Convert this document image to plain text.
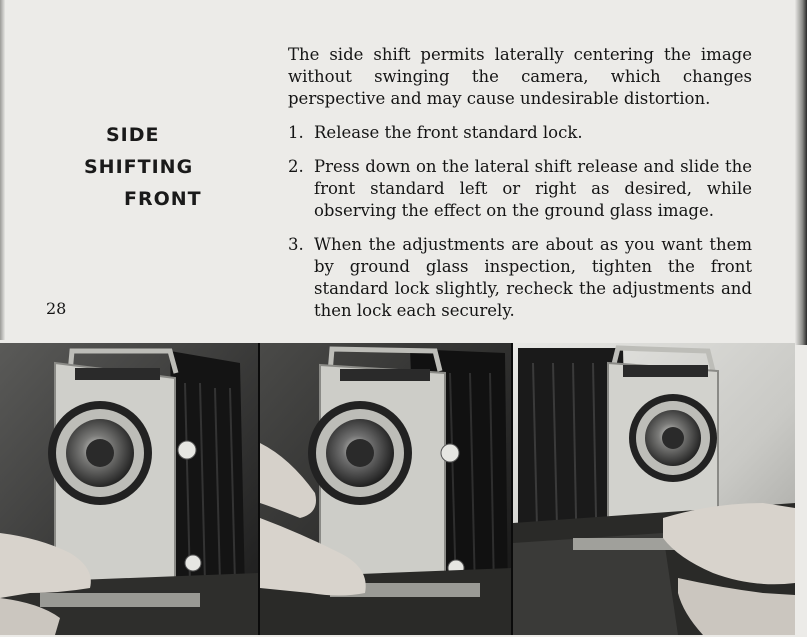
SIDE
SHIFTING
FRONT
28

The side shift permits laterally centering the image without swinging the camera, which changes perspective and may cause undesirable distortion.

1. Release the front standard lock.
2. Press down on the lateral shift release and slide the front standard left or right as desired, while observing the effect on the ground glass image.
3. When the adjustments are about as you want them by ground glass inspection, tighten the front standard lock slightly, recheck the adjustments and then lock each securely.
